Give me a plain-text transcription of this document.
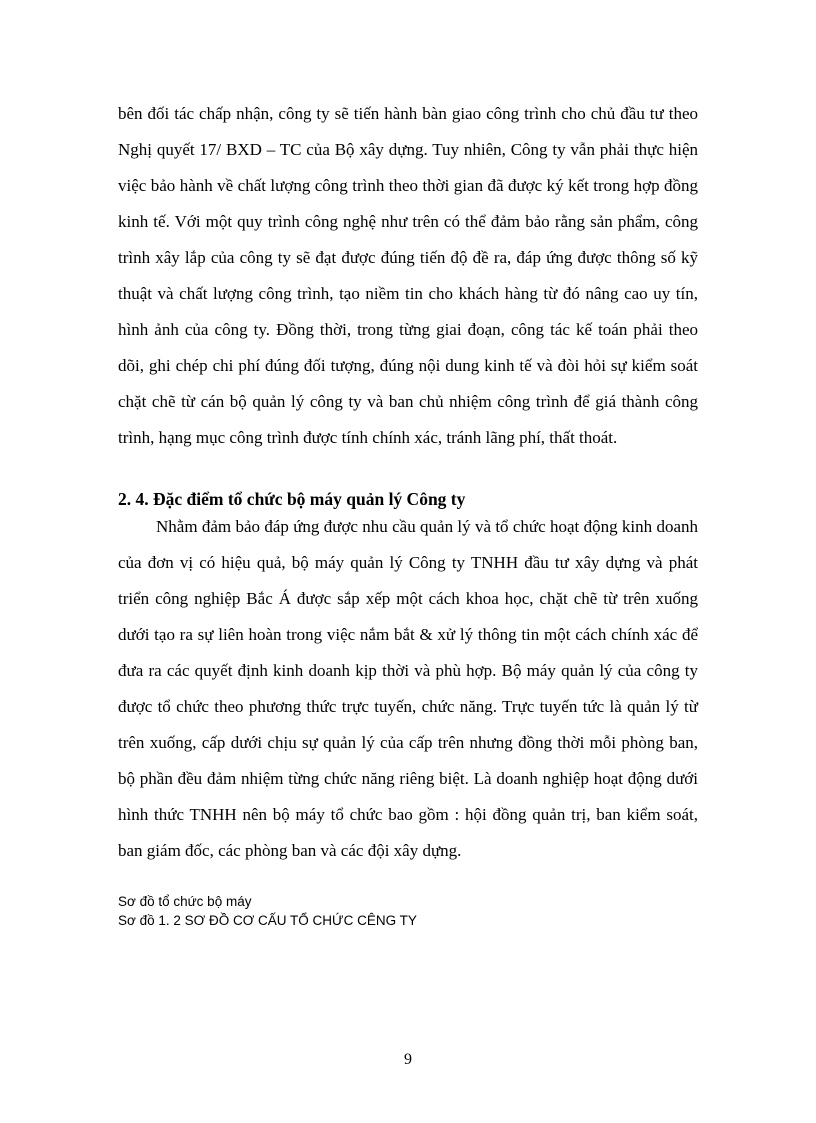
bên đối tác chấp nhận, công ty sẽ tiến hành bàn giao công trình cho chủ đầu tư theo Nghị quyết 17/ BXD – TC của Bộ xây dựng. Tuy nhiên, Công ty vẫn phải thực hiện việc bảo hành về chất lượng công trình theo thời gian đã được ký kết trong hợp đồng kinh tế. Với một quy trình công nghệ như trên có thể đảm bảo rằng sản phẩm, công trình xây lắp của công ty sẽ đạt được đúng tiến độ đề ra, đáp ứng được thông số kỹ thuật và chất lượng công trình, tạo niềm tin cho khách hàng từ đó nâng cao uy tín, hình ảnh của công ty. Đồng thời, trong từng giai đoạn, công tác kế toán phải theo dõi, ghi chép chi phí đúng đối tượng, đúng nội dung kinh tế và đòi hỏi sự kiểm soát chặt chẽ từ cán bộ quản lý công ty và ban chủ nhiệm công trình để giá thành công trình, hạng mục công trình được tính chính xác, tránh lãng phí, thất thoát.

2. 4. Đặc điểm tổ chức bộ máy quản lý Công ty

Nhằm đảm bảo đáp ứng được nhu cầu quản lý và tổ chức hoạt động kinh doanh của đơn vị có hiệu quả, bộ máy quản lý Công ty TNHH đầu tư xây dựng và phát triển công nghiệp Bắc Á được sắp xếp một cách khoa học, chặt chẽ từ trên xuống dưới tạo ra sự liên hoàn trong việc nắm bắt & xử lý thông tin một cách chính xác để đưa ra các quyết định kinh doanh kịp thời và phù hợp. Bộ máy quản lý của công ty được tổ chức theo phương thức trực tuyến, chức năng. Trực tuyến tức là quản lý từ trên xuống, cấp dưới chịu sự quản lý của cấp trên nhưng đồng thời mỗi phòng ban, bộ phần đều đảm nhiệm từng chức năng riêng biệt. Là doanh nghiệp hoạt động dưới hình thức TNHH nên bộ máy tổ chức bao gồm : hội đồng quản trị, ban kiểm soát, ban giám đốc, các phòng ban và các đội xây dựng.

Sơ đồ tổ chức bộ máy

Sơ đồ 1. 2 SƠ ĐỒ CƠ CẤU TỔ CHỨC CÊNG TY

9
